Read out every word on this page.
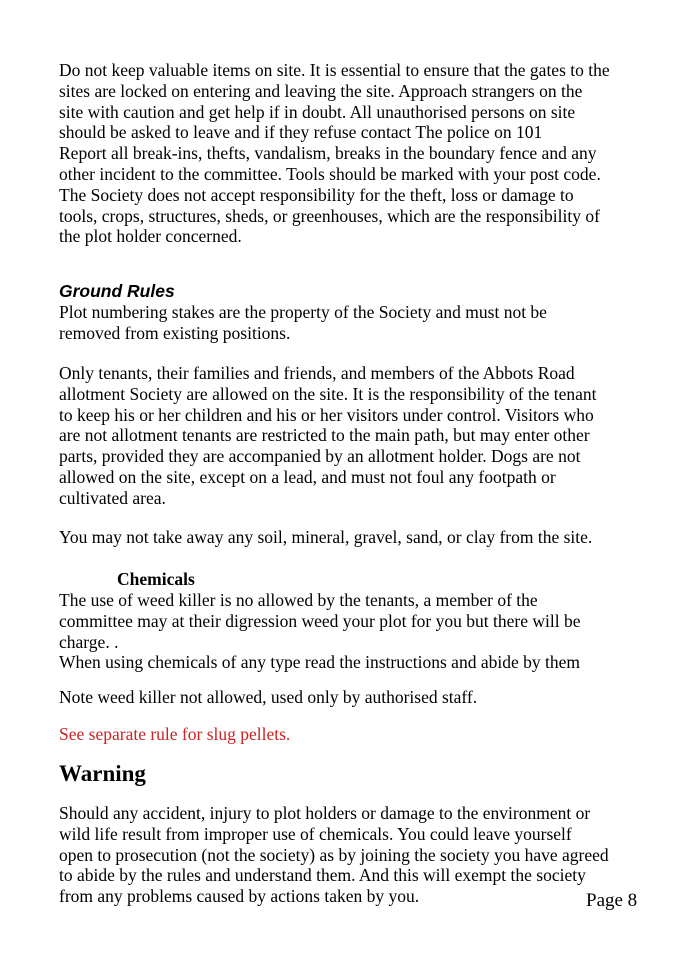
Do not keep valuable items on site. It is essential to ensure that the gates to the
sites are locked on entering and leaving the site. Approach strangers on the
site with caution and get help if in doubt. All unauthorised persons on site
should be asked to leave and if they refuse contact The police on 101
Report all break-ins, thefts, vandalism, breaks in the boundary fence and any
other incident to the committee. Tools should be marked with your post code.
The Society does not accept responsibility for the theft, loss or damage to
tools, crops, structures, sheds, or greenhouses, which are the responsibility of
the plot holder concerned.

Ground Rules

Plot numbering stakes are the property of the Society and must not be
removed from existing positions.

Only tenants, their families and friends, and members of the Abbots Road
allotment Society are allowed on the site. It is the responsibility of the tenant
to keep his or her children and his or her visitors under control. Visitors who
are not allotment tenants are restricted to the main path, but may enter other
parts, provided they are accompanied by an allotment holder. Dogs are not
allowed on the site, except on a lead, and must not foul any footpath or
cultivated area.

You may not take away any soil, mineral, gravel, sand, or clay from the site.

Chemicals

The use of weed killer is no allowed by the tenants, a member of the
committee may at their digression weed your plot for you but there will be
charge. .
When using chemicals of any type read the instructions and abide by them

Note weed killer not allowed, used only by authorised staff.

See separate rule for slug pellets.

Warning

Should any accident, injury to plot holders or damage to the environment or
wild life result from improper use of chemicals. You could leave yourself
open to prosecution (not the society) as by joining the society you have agreed
to abide by the rules and understand them. And this will exempt the society
from any problems caused by actions taken by you.	Page 8
